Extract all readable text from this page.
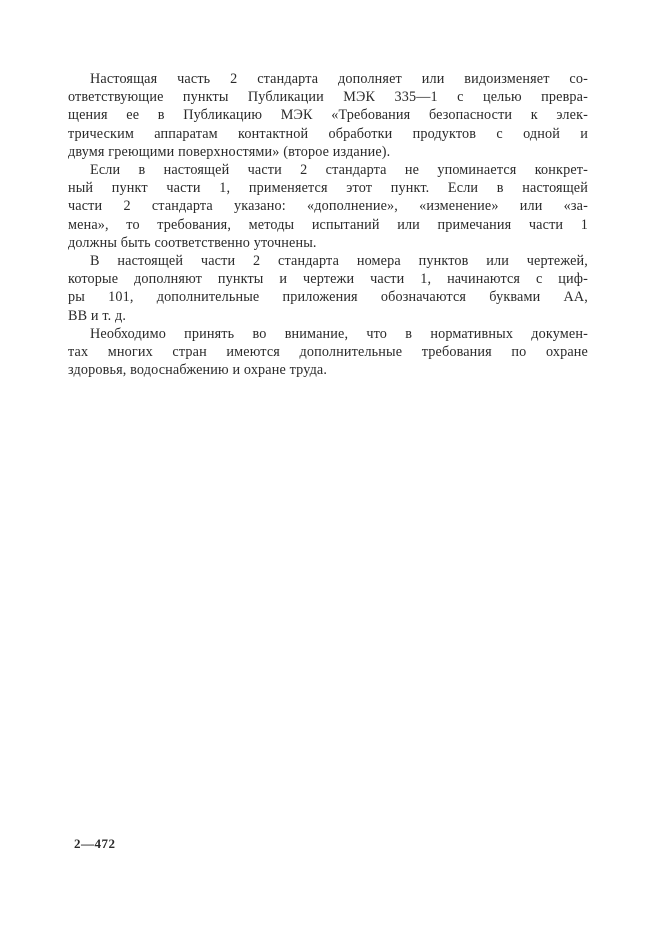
Настоящая часть 2 стандарта дополняет или видоизменяет со-
ответствующие пункты Публикации МЭК 335—1 с целью превра-
щения ее в Публикацию МЭК «Требования безопасности к элек-
трическим аппаратам контактной обработки продуктов с одной и
двумя греющими поверхностями» (второе издание).

Если в настоящей части 2 стандарта не упоминается конкрет-
ный пункт части 1, применяется этот пункт. Если в настоящей
части 2 стандарта указано: «дополнение», «изменение» или «за-
мена», то требования, методы испытаний или примечания части 1
должны быть соответственно уточнены.

В настоящей части 2 стандарта номера пунктов или чертежей,
которые дополняют пункты и чертежи части 1, начинаются с циф-
ры 101, дополнительные приложения обозначаются буквами АА,
ВВ и т. д.

Необходимо принять во внимание, что в нормативных докумен-
тах многих стран имеются дополнительные требования по охране
здоровья, водоснабжению и охране труда.

2—472
